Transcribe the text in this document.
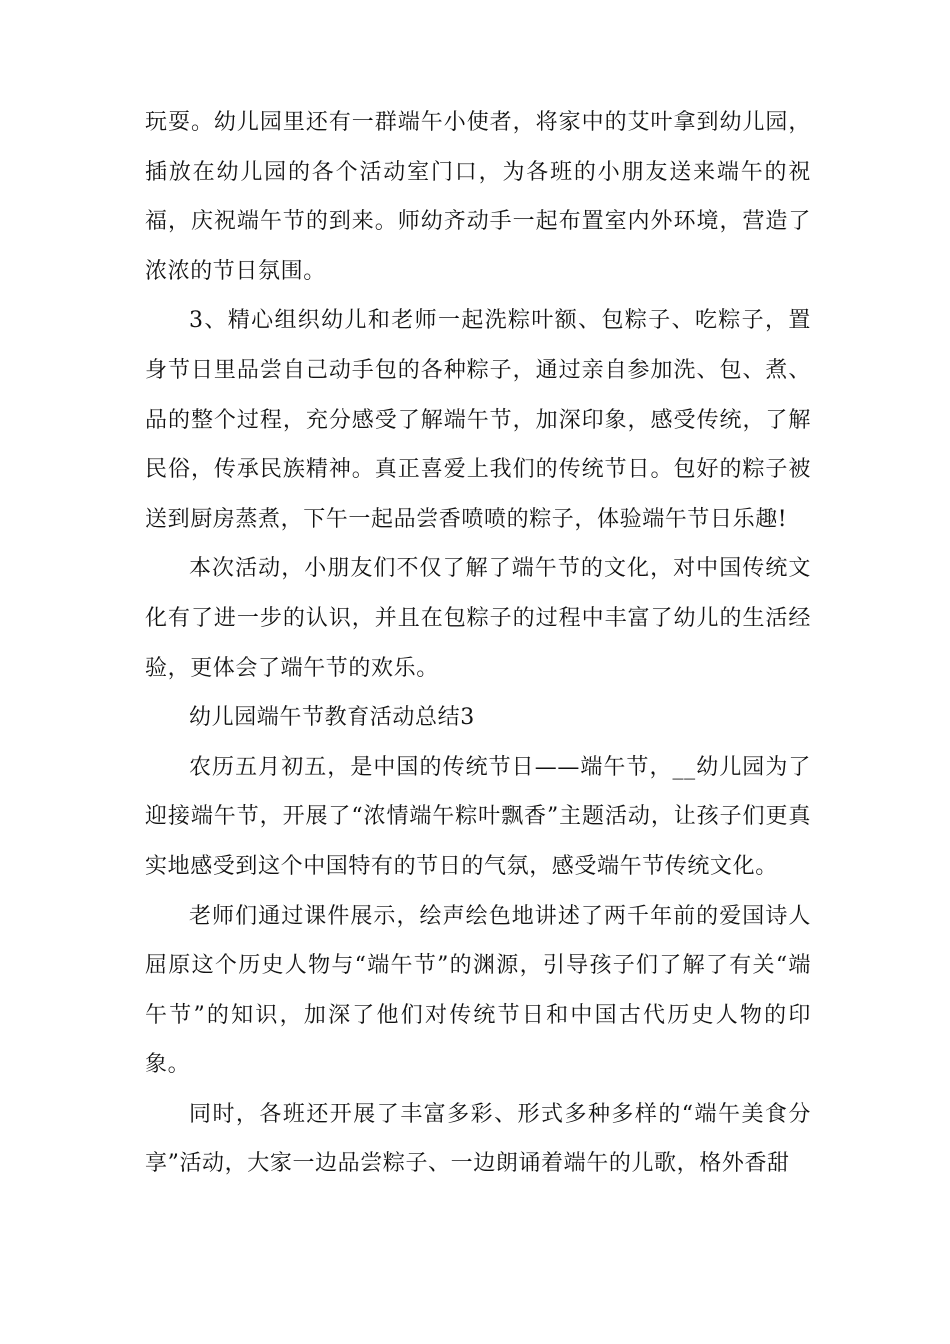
玩耍。幼儿园里还有一群端午小使者，将家中的艾叶拿到幼儿园，插放在幼儿园的各个活动室门口，为各班的小朋友送来端午的祝福，庆祝端午节的到来。师幼齐动手一起布置室内外环境，营造了浓浓的节日氛围。

3、精心组织幼儿和老师一起洗粽叶额、包粽子、吃粽子，置身节日里品尝自己动手包的各种粽子，通过亲自参加洗、包、煮、品的整个过程，充分感受了解端午节，加深印象，感受传统，了解民俗，传承民族精神。真正喜爱上我们的传统节日。包好的粽子被送到厨房蒸煮，下午一起品尝香喷喷的粽子，体验端午节日乐趣!

本次活动，小朋友们不仅了解了端午节的文化，对中国传统文化有了进一步的认识，并且在包粽子的过程中丰富了幼儿的生活经验，更体会了端午节的欢乐。

幼儿园端午节教育活动总结3

农历五月初五，是中国的传统节日——端午节，__幼儿园为了迎接端午节，开展了“浓情端午粽叶飘香”主题活动，让孩子们更真实地感受到这个中国特有的节日的气氛，感受端午节传统文化。

老师们通过课件展示，绘声绘色地讲述了两千年前的爱国诗人屈原这个历史人物与“端午节”的渊源，引导孩子们了解了有关“端午节”的知识，加深了他们对传统节日和中国古代历史人物的印象。

同时，各班还开展了丰富多彩、形式多种多样的“端午美食分享”活动，大家一边品尝粽子、一边朗诵着端午的儿歌，格外香甜
